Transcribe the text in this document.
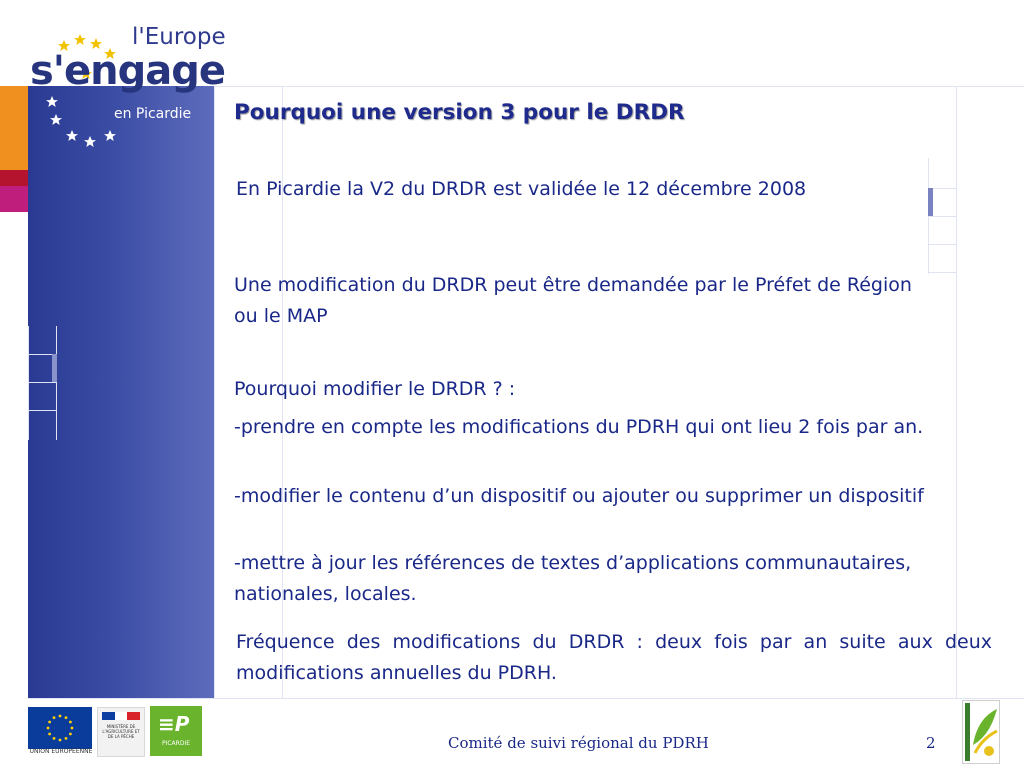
l'Europe
s'engage
en Picardie Pourquoi une version 3 pour le DRDR

En Picardie la V2 du DRDR est validée le 12 décembre 2008

Une modification du DRDR peut être demandée par le Préfet de Région ou le MAP

Pourquoi modifier le DRDR ? :

-prendre en compte les modifications du PDRH qui ont lieu 2 fois par an.

-modifier le contenu d’un dispositif ou ajouter ou supprimer un dispositif

-mettre à jour les références de textes d’applications communautaires, nationales, locales.

Fréquence des modifications du DRDR : deux fois par an suite aux deux modifications annuelles du PDRH.

UNION EUROPÉENNE
MINISTÈRE DE L'AGRICULTURE ET DE LA PÊCHE
≡P
PICARDIE	Comité de suivi régional du PDRH	2
